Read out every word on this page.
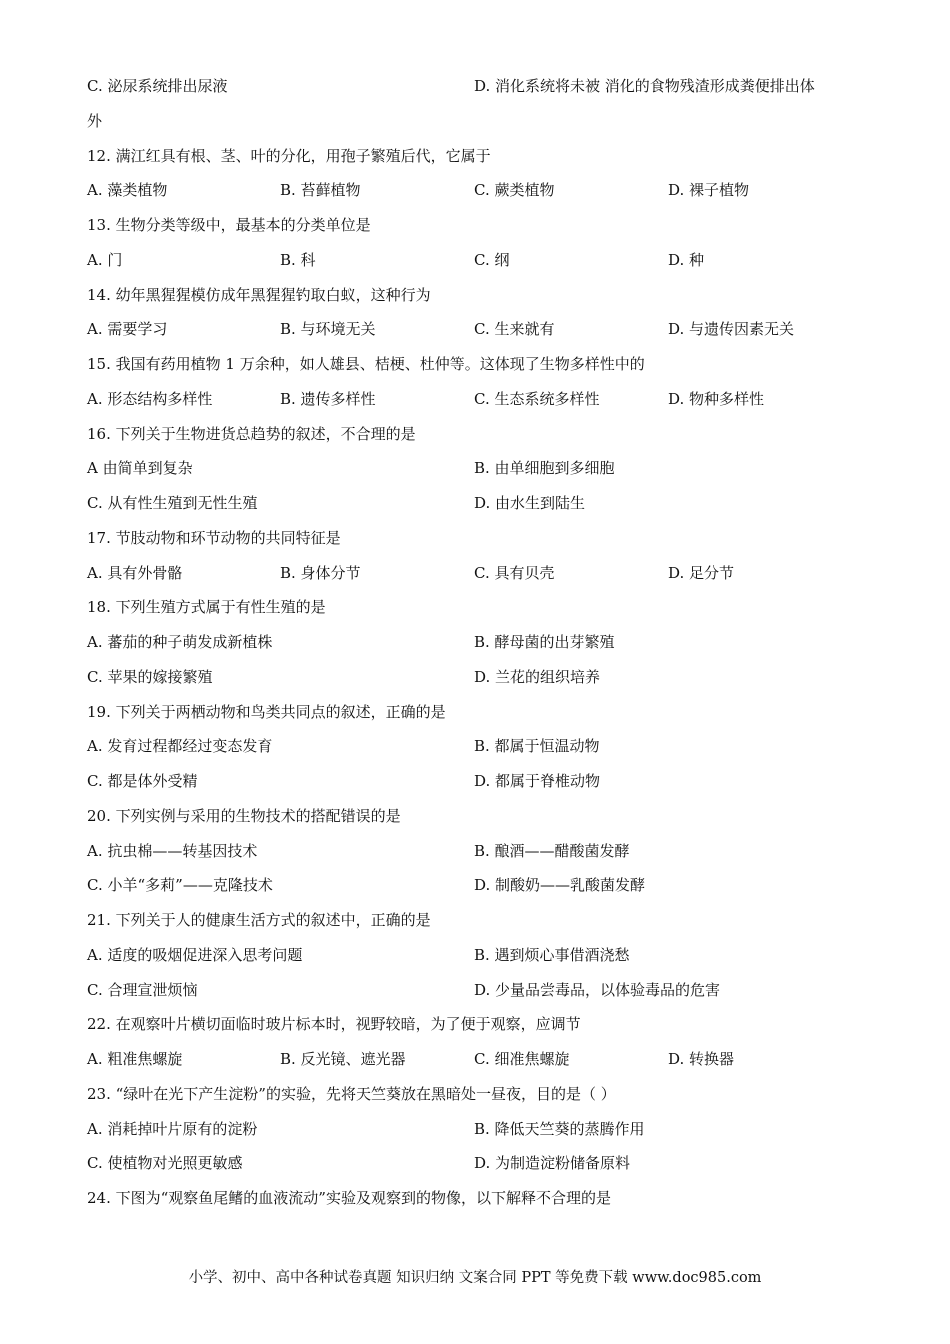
C. 泌尿系统排出尿液	D. 消化系统将未被 消化的食物残渣形成粪便排出体
外
12. 满江红具有根、茎、叶的分化，用孢子繁殖后代，它属于
A. 藻类植物	B. 苔藓植物	C. 蕨类植物	D. 裸子植物
13. 生物分类等级中，最基本的分类单位是
A. 门	B. 科	C. 纲	D. 种
14. 幼年黑猩猩模仿成年黑猩猩钓取白蚁，这种行为
A. 需要学习	B. 与环境无关	C. 生来就有	D. 与遗传因素无关
15. 我国有药用植物 1 万余种，如人雄县、桔梗、杜仲等。这体现了生物多样性中的
A. 形态结构多样性	B. 遗传多样性	C. 生态系统多样性	D. 物种多样性
16. 下列关于生物进货总趋势的叙述，不合理的是
A 由简单到复杂	B. 由单细胞到多细胞
C. 从有性生殖到无性生殖	D. 由水生到陆生
17. 节肢动物和环节动物的共同特征是
A. 具有外骨骼	B. 身体分节	C. 具有贝壳	D. 足分节
18. 下列生殖方式属于有性生殖的是
A. 蕃茄的种子萌发成新植株	B. 酵母菌的出芽繁殖
C. 苹果的嫁接繁殖	D. 兰花的组织培养
19. 下列关于两栖动物和鸟类共同点的叙述，正确的是
A. 发育过程都经过变态发育	B. 都属于恒温动物
C. 都是体外受精	D. 都属于脊椎动物
20. 下列实例与采用的生物技术的搭配错误的是
A. 抗虫棉——转基因技术	B. 酿酒——醋酸菌发酵
C. 小羊“多莉”——克隆技术	D. 制酸奶——乳酸菌发酵
21. 下列关于人的健康生活方式的叙述中，正确的是
A. 适度的吸烟促进深入思考问题	B. 遇到烦心事借酒浇愁
C. 合理宣泄烦恼	D. 少量品尝毒品，以体验毒品的危害
22. 在观察叶片横切面临时玻片标本时，视野较暗，为了便于观察，应调节
A. 粗准焦螺旋	B. 反光镜、遮光器	C. 细准焦螺旋	D. 转换器
23. “绿叶在光下产生淀粉”的实验，先将天竺葵放在黑暗处一昼夜，目的是（ ）
A. 消耗掉叶片原有的淀粉	B. 降低天竺葵的蒸腾作用
C. 使植物对光照更敏感	D. 为制造淀粉储备原料
24. 下图为“观察鱼尾鳍的血液流动”实验及观察到的物像，以下解释不合理的是
小学、初中、高中各种试卷真题 知识归纳 文案合同 PPT 等免费下载 www.doc985.com
